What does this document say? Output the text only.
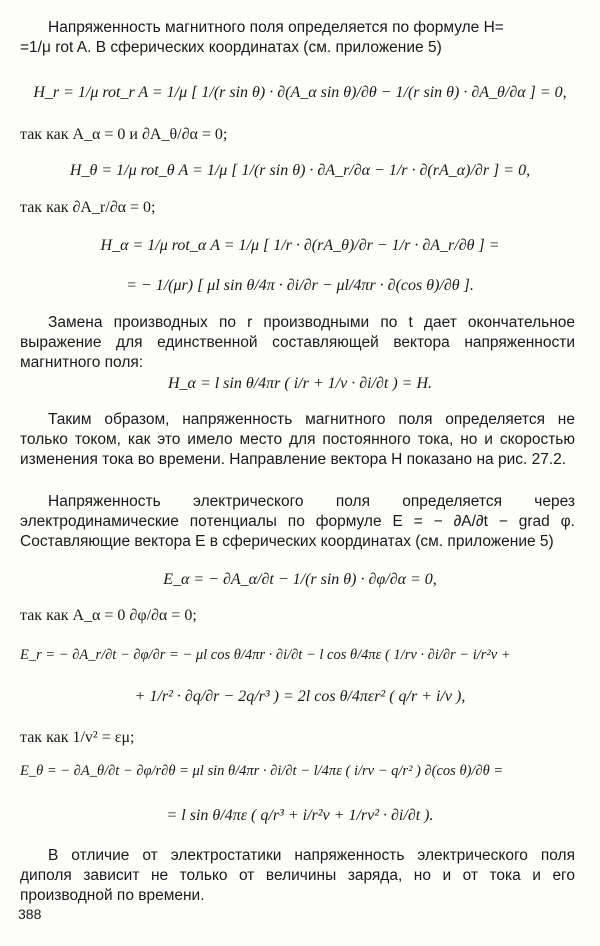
Напряженность магнитного поля определяется по формуле H=
=1/μ rot A. В сферических координатах (см. приложение 5)
H_r = 1/μ rot_r A = 1/μ [ 1/(r sin θ) · ∂(A_α sin θ)/∂θ − 1/(r sin θ) · ∂A_θ/∂α ] = 0,
так как A_α = 0 и ∂A_θ/∂α = 0;
H_θ = 1/μ rot_θ A = 1/μ [ 1/(r sin θ) · ∂A_r/∂α − 1/r · ∂(rA_α)/∂r ] = 0,
так как ∂A_r/∂α = 0;
H_α = 1/μ rot_α A = 1/μ [ 1/r · ∂(rA_θ)/∂r − 1/r · ∂A_r/∂θ ] =
= − 1/(μr) [ μl sin θ/4π · ∂i/∂r − μl/4πr · ∂(cos θ)/∂θ ].
Замена производных по r производными по t дает окончательное выражение для единственной составляющей вектора напряженности магнитного поля:
H_α = l sin θ/4πr ( i/r + 1/v · ∂i/∂t ) = H.
Таким образом, напряженность магнитного поля определяется не только током, как это имело место для постоянного тока, но и скоростью изменения тока во времени. Направление вектора H показано на рис. 27.2.
Напряженность электрического поля определяется через электродинамические потенциалы по формуле E = − ∂A/∂t − grad φ. Составляющие вектора E в сферических координатах (см. приложение 5)
E_α = − ∂A_α/∂t − 1/(r sin θ) · ∂φ/∂α = 0,
так как A_α = 0 ∂φ/∂α = 0;
E_r = − ∂A_r/∂t − ∂φ/∂r = − μl cos θ/4πr · ∂i/∂t − l cos θ/4πε ( 1/rv · ∂i/∂r − i/r²v +
+ 1/r² · ∂q/∂r − 2q/r³ ) = 2l cos θ/4πεr² ( q/r + i/v ),
так как 1/v² = εμ;
E_θ = − ∂A_θ/∂t − ∂φ/r∂θ = μl sin θ/4πr · ∂i/∂t − l/4πε ( i/rv − q/r² ) ∂(cos θ)/∂θ =
= l sin θ/4πε ( q/r³ + i/r²v + 1/rv² · ∂i/∂t ).
В отличие от электростатики напряженность электрического поля диполя зависит не только от величины заряда, но и от тока и его производной по времени.
388
